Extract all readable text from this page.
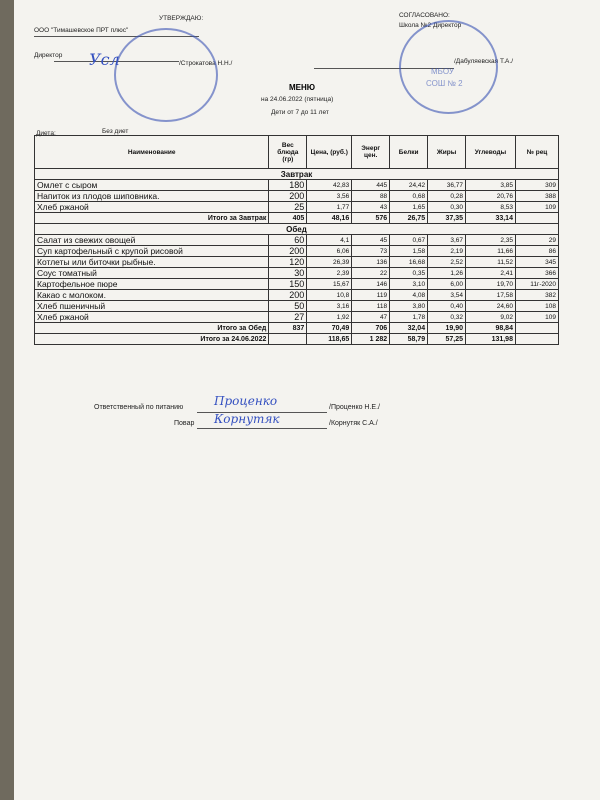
УТВЕРЖДАЮ:
ООО "Тимашевское ПРТ плюс"
Директор
/Строкатова Н.Н./
Усл
СОГЛАСОВАНО:
Школа №2 Директор
/Дабуляевская Т.А./
МБОУ
СОШ № 2
МЕНЮ
на 24.06.2022 (пятница)
Дети от 7 до 11 лет
Диета:	Без диет
Наименование	Вес блюда (гр)	Цена, (руб.)	Энерг цен.	Белки	Жиры	Углеводы	№ рец
Завтрак							
Омлет с сыром	180	42,83	445	24,42	36,77	3,85	309
Напиток из плодов шиповника.	200	3,56	88	0,68	0,28	20,76	388
Хлеб ржаной	25	1,77	43	1,65	0,30	8,53	109
Итого за Завтрак	405	48,16	576	26,75	37,35	33,14	
Обед							
Салат из свежих овощей	60	4,1	45	0,67	3,67	2,35	29
Суп картофельный с крупой рисовой	200	6,06	73	1,58	2,19	11,66	86
Котлеты или биточки рыбные.	120	26,39	136	16,68	2,52	11,52	345
Соус томатный	30	2,39	22	0,35	1,26	2,41	366
Картофельное пюре	150	15,67	146	3,10	6,00	19,70	11г-2020
Какао с молоком.	200	10,8	119	4,08	3,54	17,58	382
Хлеб пшеничный	50	3,16	118	3,80	0,40	24,60	108
Хлеб ржаной	27	1,92	47	1,78	0,32	9,02	109
Итого за Обед	837	70,49	706	32,04	19,90	98,84	
Итого за 24.06.2022		118,65	1 282	58,79	57,25	131,98	
Ответственный по питанию	Проценко	/Проценко Н.Е./
Повар Корнутяк	/Корнутяк С.А./
